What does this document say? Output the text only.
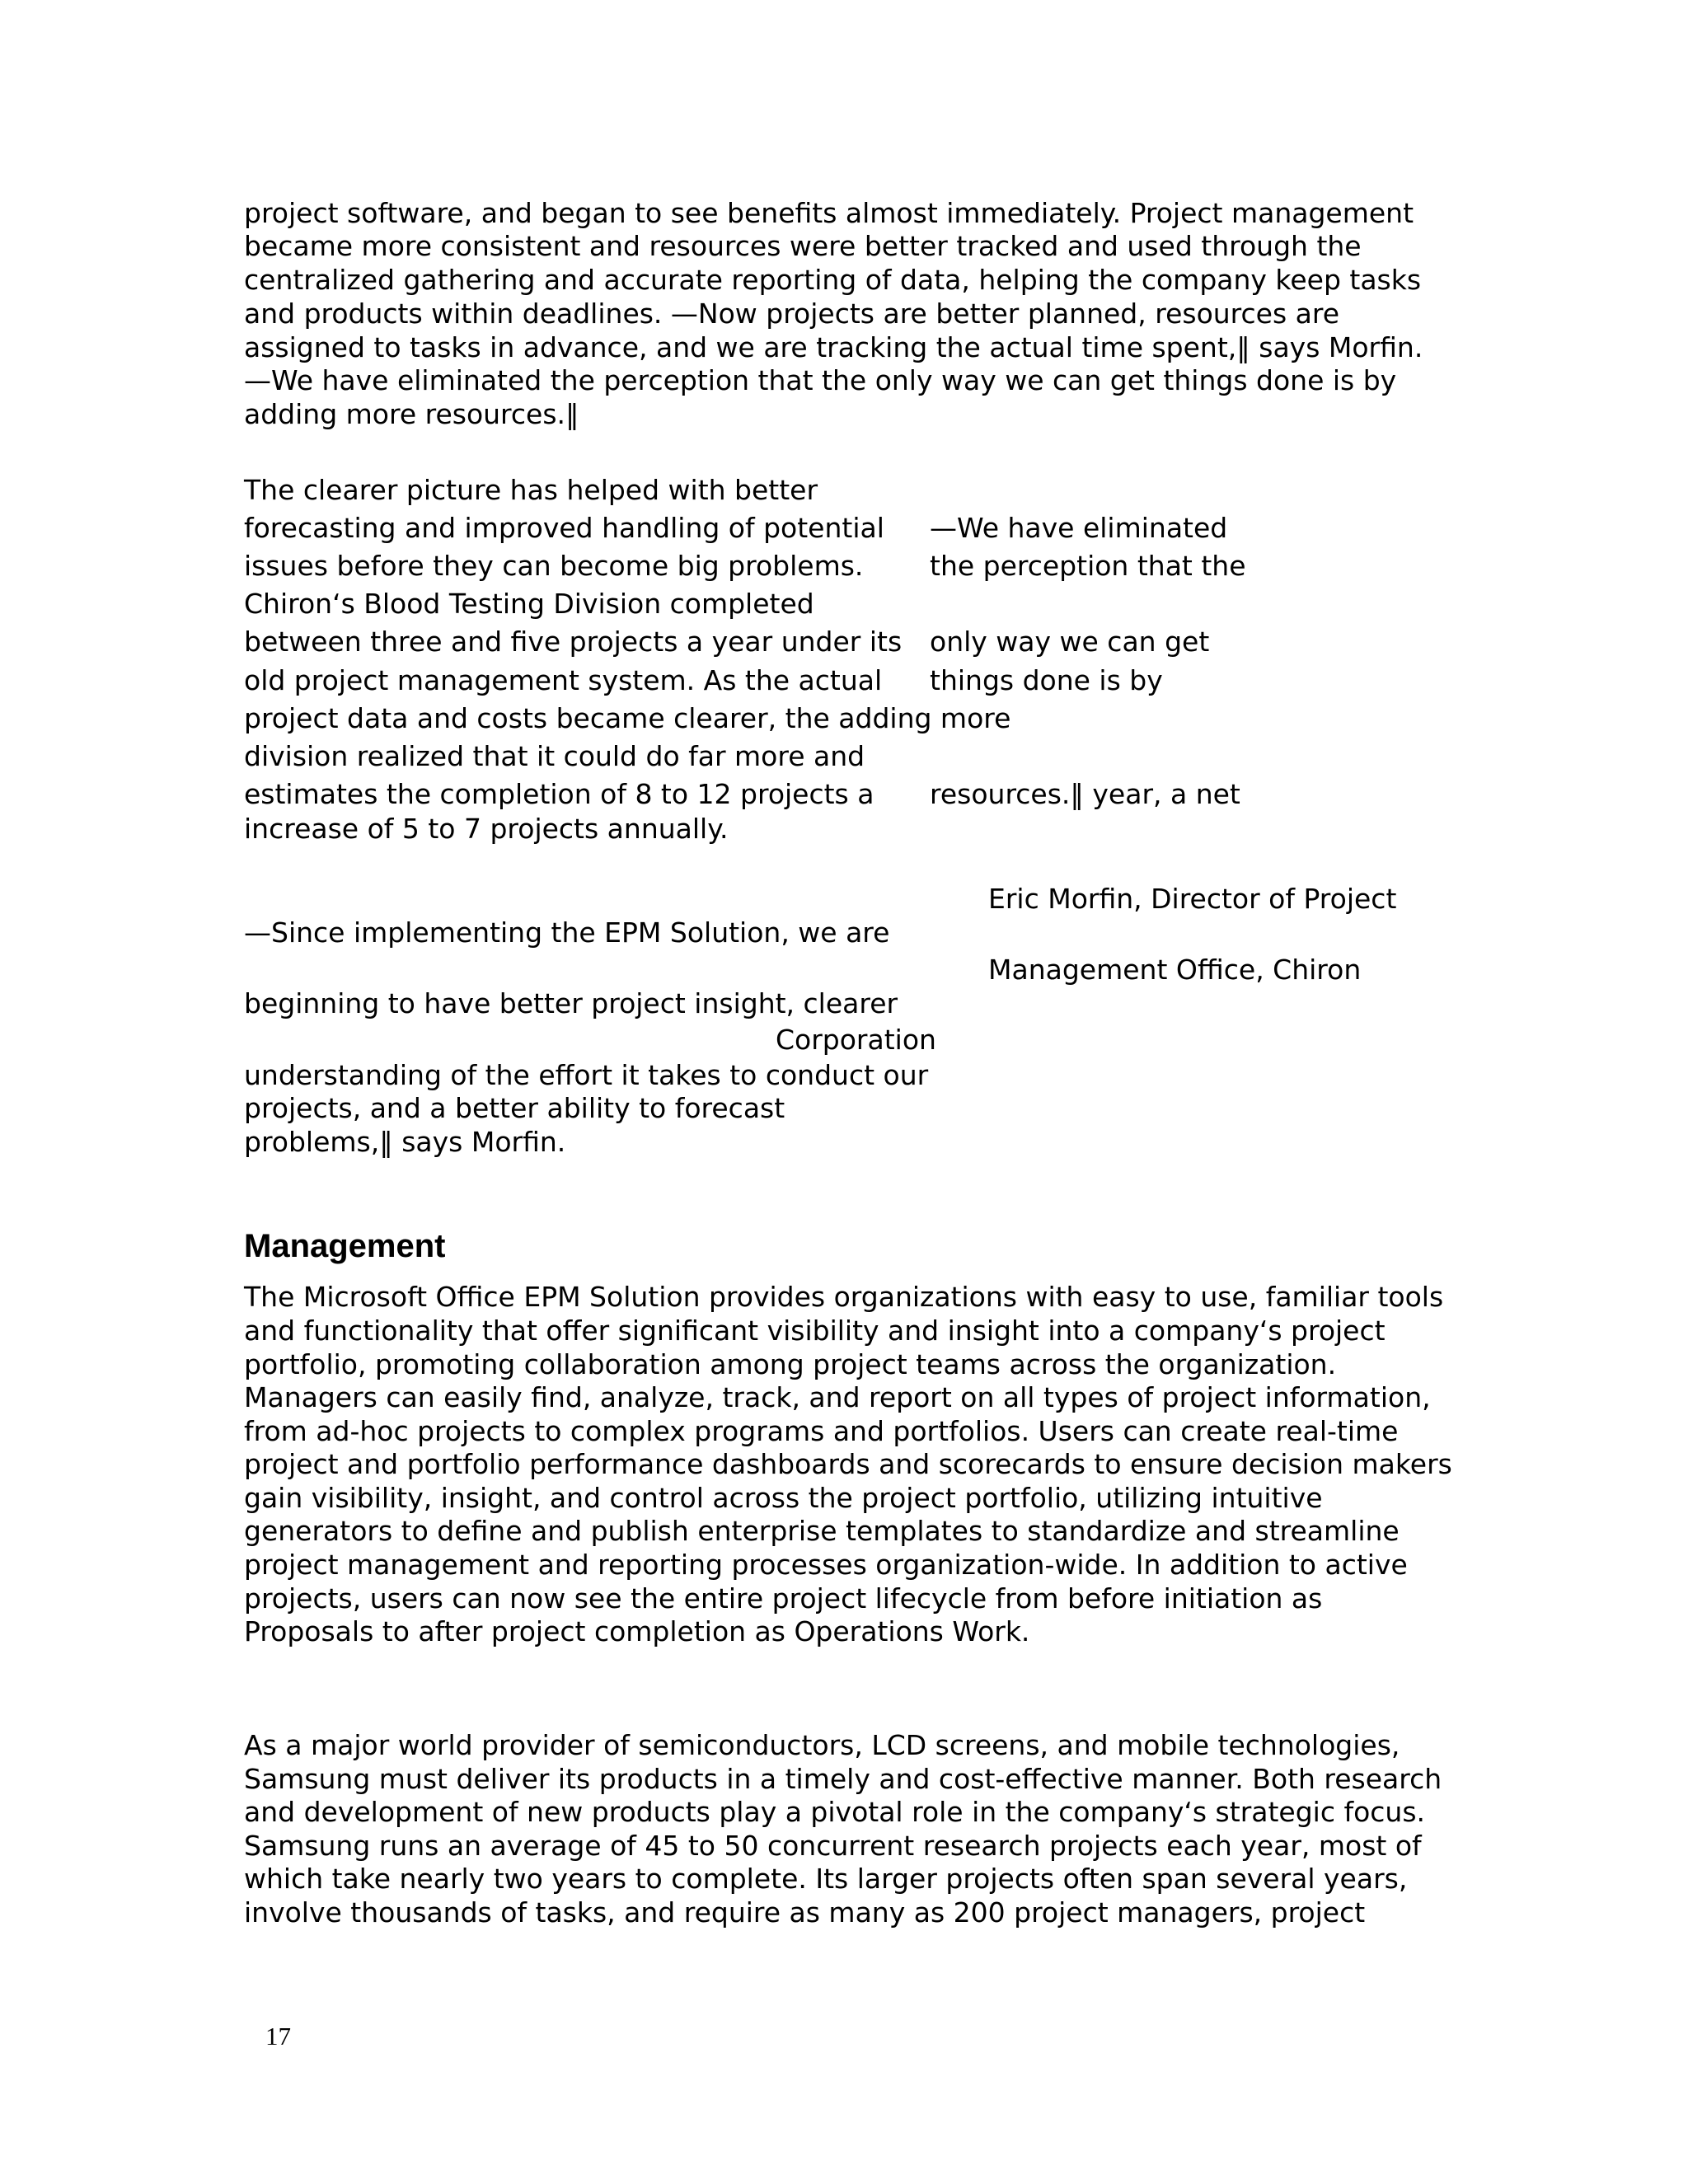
project software, and began to see benefits almost immediately. Project management
became more consistent and resources were better tracked and used through the
centralized gathering and accurate reporting of data, helping the company keep tasks
and products within deadlines. —Now projects are better planned, resources are
assigned to tasks in advance, and we are tracking the actual time spent,‖ says Morfin.
—We have eliminated the perception that the only way we can get things done is by
adding more resources.‖
The clearer picture has helped with better
forecasting and improved handling of potential
issues before they can become big problems.
Chiron‘s Blood Testing Division completed
between three and five projects a year under its
old project management system. As the actual
project data and costs became clearer, the adding more
division realized that it could do far more and
estimates the completion of 8 to 12 projects a
increase of 5 to 7 projects annually.
—We have eliminated
the perception that the
only way we can get
things done is by
resources.‖ year, a net
—Since implementing the EPM Solution, we are
beginning to have better project insight, clearer
Corporation
understanding of the effort it takes to conduct our
projects, and a better ability to forecast
problems,‖ says Morfin.
Eric Morfin, Director of Project
Management Office, Chiron
Management
The Microsoft Office EPM Solution provides organizations with easy to use, familiar tools
and functionality that offer significant visibility and insight into a company‘s project
portfolio, promoting collaboration among project teams across the organization.
Managers can easily find, analyze, track, and report on all types of project information,
from ad-hoc projects to complex programs and portfolios. Users can create real-time
project and portfolio performance dashboards and scorecards to ensure decision makers
gain visibility, insight, and control across the project portfolio, utilizing intuitive
generators to define and publish enterprise templates to standardize and streamline
project management and reporting processes organization-wide. In addition to active
projects, users can now see the entire project lifecycle from before initiation as
Proposals to after project completion as Operations Work.
As a major world provider of semiconductors, LCD screens, and mobile technologies,
Samsung must deliver its products in a timely and cost-effective manner. Both research
and development of new products play a pivotal role in the company‘s strategic focus.
Samsung runs an average of 45 to 50 concurrent research projects each year, most of
which take nearly two years to complete. Its larger projects often span several years,
involve thousands of tasks, and require as many as 200 project managers, project
17
